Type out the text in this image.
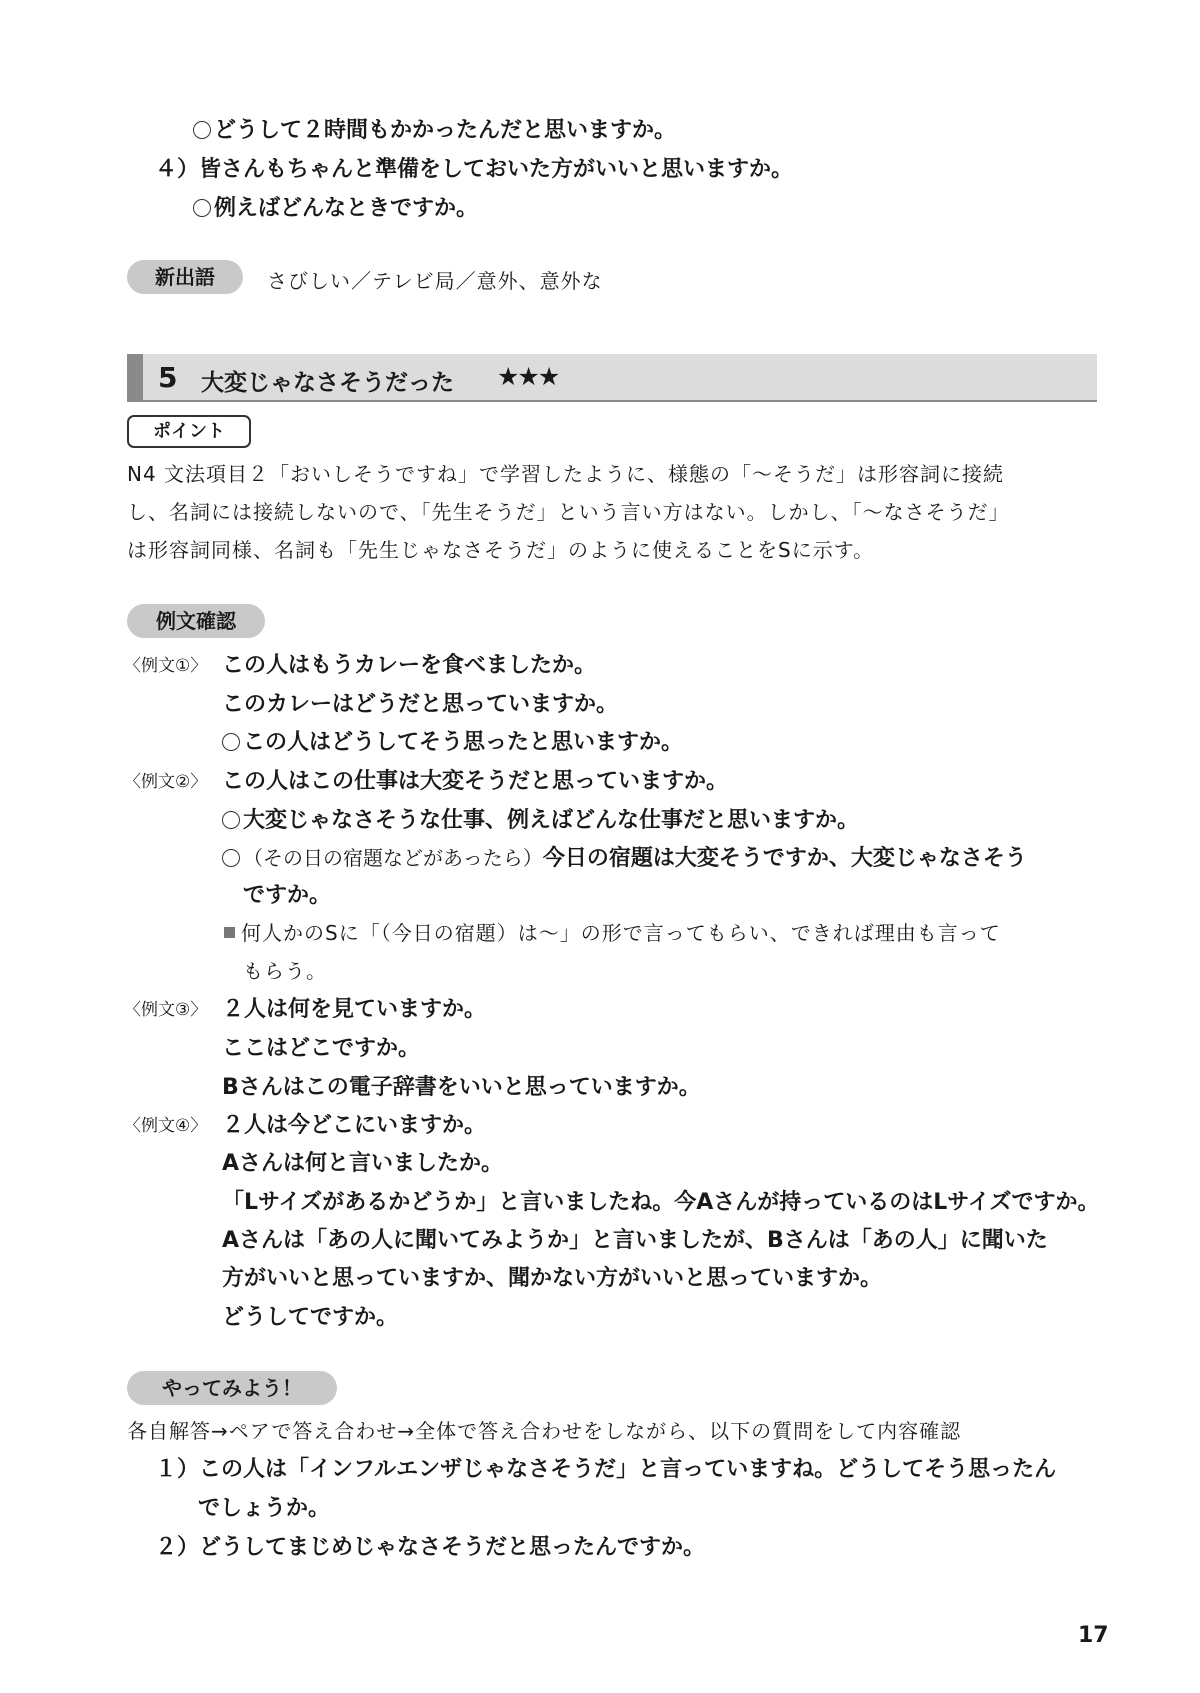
どうして２時間もかかったんだと思いますか。
４）皆さんもちゃんと準備をしておいた方がいいと思いますか。
例えばどんなときですか。
新出語	さびしい／テレビ局／意外、意外な
5 大変じゃなさそうだった ★★★
ポイント
N4 文法項目２「おいしそうですね」で学習したように、様態の「〜そうだ」は形容詞に接続
し、名詞には接続しないので、「先生そうだ」という言い方はない。しかし、「〜なさそうだ」
は形容詞同様、名詞も「先生じゃなさそうだ」のように使えることをSに示す。
例文確認
〈例文①〉 この人はもうカレーを食べましたか。
このカレーはどうだと思っていますか。
この人はどうしてそう思ったと思いますか。
〈例文②〉 この人はこの仕事は大変そうだと思っていますか。
大変じゃなさそうな仕事、例えばどんな仕事だと思いますか。
（その日の宿題などがあったら）今日の宿題は大変そうですか、大変じゃなさそう
ですか。
何人かのSに「（今日の宿題）は〜」の形で言ってもらい、できれば理由も言って
もらう。
〈例文③〉 ２人は何を見ていますか。
ここはどこですか。
Bさんはこの電子辞書をいいと思っていますか。
〈例文④〉 ２人は今どこにいますか。
Aさんは何と言いましたか。
「Lサイズがあるかどうか」と言いましたね。今Aさんが持っているのはLサイズですか。
Aさんは「あの人に聞いてみようか」と言いましたが、Bさんは「あの人」に聞いた
方がいいと思っていますか、聞かない方がいいと思っていますか。
どうしてですか。
やってみよう！
各自解答→ペアで答え合わせ→全体で答え合わせをしながら、以下の質問をして内容確認
１）この人は「インフルエンザじゃなさそうだ」と言っていますね。どうしてそう思ったん
でしょうか。
２）どうしてまじめじゃなさそうだと思ったんですか。
17
